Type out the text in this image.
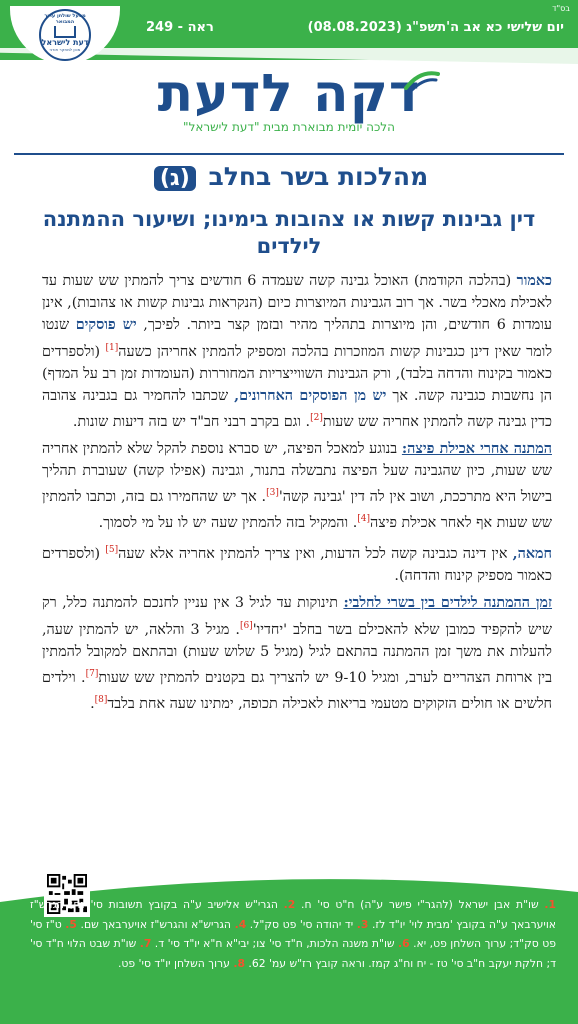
בס"ד
יום שלישי כא אב ה'תשפ"ג (08.08.2023)
ראה - 249
מפעל שולחן ערוך המבואר
דעת לישראל
מכון למחקר תורני
דקה לדעת
הלכה יומית מבוארת מבית "דעת לישראל"
מהלכות בשר בחלב (ג)
דין גבינות קשות או צהובות בימינו; ושיעור ההמתנה לילדים

כאמור (בהלכה הקודמת) האוכל גבינה קשה שעמדה 6 חודשים צריך להמתין שש שעות עד לאכילת מאכלי בשר. אך רוב הגבינות המיוצרות כיום (הנקראות גבינות קשות או צהובות), אינן עומדות 6 חודשים, והן מיוצרות בתהליך מהיר ובזמן קצר ביותר. לפיכך, יש פוסקים שנטו לומר שאין דינן כגבינות קשות המוזכרות בהלכה ומספיק להמתין אחריהן כשעה[1] (ולספרדים כאמור בקינוח והדחה בלבד), ורק הגבינות השווייצריות המחוררות (העומדות זמן רב על המדף) הן נחשבות כגבינה קשה. אך יש מן הפוסקים האחרונים, שכתבו להחמיר גם בגבינה צהובה כדין גבינה קשה להמתין אחריה שש שעות[2]. וגם בקרב רבני חב"ד יש בזה דיעות שונות.

המתנה אחרי אכילת פיצה: בנוגע למאכל הפיצה, יש סברא נוספת להקל שלא להמתין אחריה שש שעות, כיון שהגבינה שעל הפיצה נתבשלה בתנור, וגבינה (אפילו קשה) שעוברת תהליך בישול היא מתרככת, ושוב אין לה דין 'גבינה קשה'[3]. אך יש שהחמירו גם בזה, וכתבו להמתין שש שעות אף לאחר אכילת פיצה[4]. והמקיל בזה להמתין שעה יש לו על מי לסמוך.

חמאה, אין דינה כגבינה קשה לכל הדעות, ואין צריך להמתין אחריה אלא שעה[5] (ולספרדים כאמור מספיק קינוח והדחה).

זמן ההמתנה לילדים בין בשרי לחלבי: תינוקות עד לגיל 3 אין עניין לחנכם להמתנה כלל, רק שיש להקפיד כמובן שלא להאכילם בשר בחלב 'יחדיו'[6]. מגיל 3 והלאה, יש להמתין שעה, להעלות את משך זמן ההמתנה בהתאם לגיל (מגיל 5 שלוש שעות) ובהתאם למקובל להמתין בין ארוחת הצהריים לערב, ומגיל 9-10 יש להצריך גם בקטנים להמתין שש שעות[7]. וילדים חלשים או חולים הזקוקים מטעמי בריאות לאכילה תכופה, ימתינו שעה אחת בלבד[8].

1. שו"ת אבן ישראל (להגר"י פישר ע"ה) ח"ט סי' ח. 2. הגרי"ש אלישיב ע"ה בקובץ תשובות סי' נח; הגרש"ז אויערבאך ע"ה בקובץ 'מבית לוי' יו"ד לז. 3. יד יהודה סי' פט סק"ל. 4. הגריש"א והגרש"ז אויערבאך שם. 5. ט"ז סי' פט סק"ד; ערוך השלחן פט, יא. 6. שו"ת משנה הלכות, ח"ד סי' צו; יבי"א ח"א יו"ד סי' ד. 7. שו"ת שבט הלוי ח"ד סי' ד; חלקת יעקב ח"ב סי' טז - יח וח"ג קמז. וראה קובץ רז"ש עמ' 62. 8. ערוך השלחן יו"ד סי' פט.
